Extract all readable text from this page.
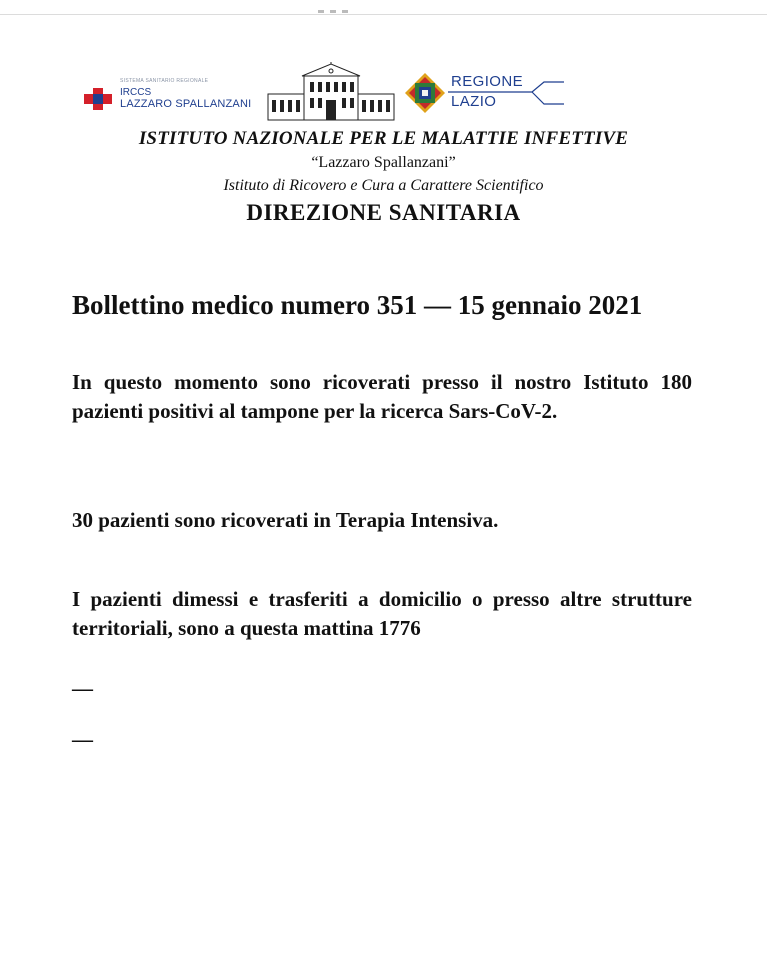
SISTEMA SANITARIO REGIONALE
IRCCS
LAZZARO SPALLANZANI
REGIONE
LAZIO
ISTITUTO NAZIONALE PER LE MALATTIE INFETTIVE
“Lazzaro Spallanzani”
Istituto di Ricovero e Cura a Carattere Scientifico
DIREZIONE SANITARIA
Bollettino medico numero 351 — 15 gennaio 2021
In questo momento sono ricoverati presso il nostro Istituto 180 pazienti positivi al tampone per la ricerca Sars-CoV-2.
30 pazienti sono ricoverati in Terapia Intensiva.
I pazienti dimessi e trasferiti a domicilio o presso altre strutture territoriali, sono a questa mattina 1776
—
—
